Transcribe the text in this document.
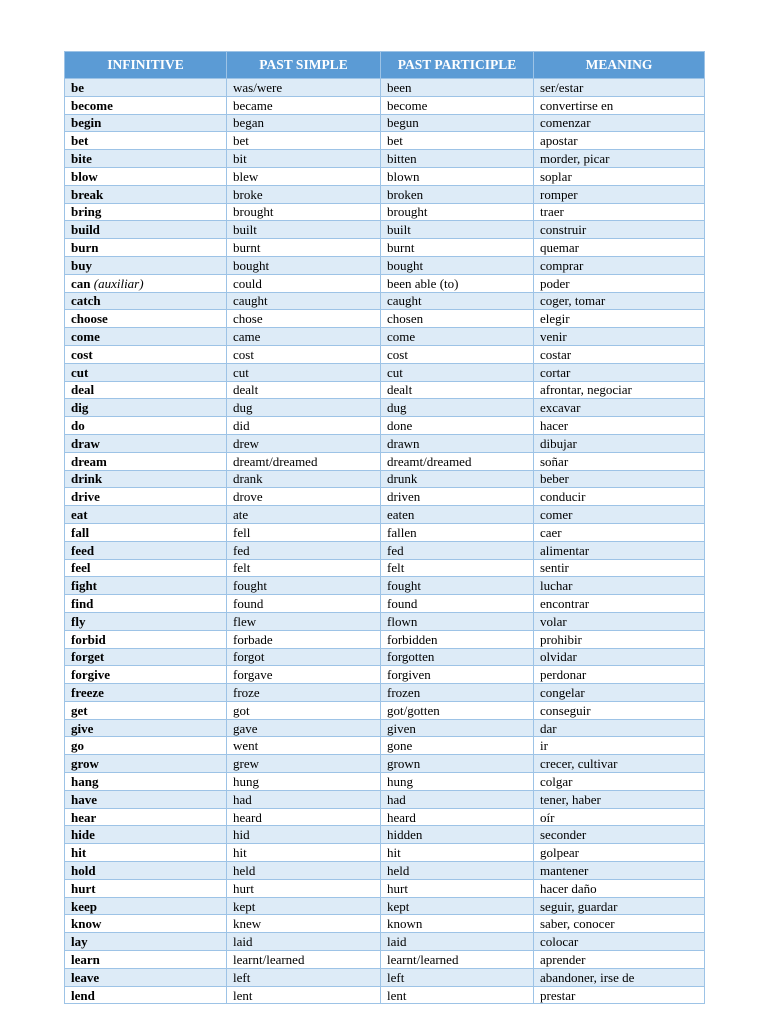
INFINITIVE	PAST SIMPLE	PAST PARTICIPLE	MEANING
be	was/were	been	ser/estar
become	became	become	convertirse en
begin	began	begun	comenzar
bet	bet	bet	apostar
bite	bit	bitten	morder, picar
blow	blew	blown	soplar
break	broke	broken	romper
bring	brought	brought	traer
build	built	built	construir
burn	burnt	burnt	quemar
buy	bought	bought	comprar
can (auxiliar)	could	been able (to)	poder
catch	caught	caught	coger, tomar
choose	chose	chosen	elegir
come	came	come	venir
cost	cost	cost	costar
cut	cut	cut	cortar
deal	dealt	dealt	afrontar, negociar
dig	dug	dug	excavar
do	did	done	hacer
draw	drew	drawn	dibujar
dream	dreamt/dreamed	dreamt/dreamed	soñar
drink	drank	drunk	beber
drive	drove	driven	conducir
eat	ate	eaten	comer
fall	fell	fallen	caer
feed	fed	fed	alimentar
feel	felt	felt	sentir
fight	fought	fought	luchar
find	found	found	encontrar
fly	flew	flown	volar
forbid	forbade	forbidden	prohibir
forget	forgot	forgotten	olvidar
forgive	forgave	forgiven	perdonar
freeze	froze	frozen	congelar
get	got	got/gotten	conseguir
give	gave	given	dar
go	went	gone	ir
grow	grew	grown	crecer, cultivar
hang	hung	hung	colgar
have	had	had	tener, haber
hear	heard	heard	oír
hide	hid	hidden	seconder
hit	hit	hit	golpear
hold	held	held	mantener
hurt	hurt	hurt	hacer daño
keep	kept	kept	seguir, guardar
know	knew	known	saber, conocer
lay	laid	laid	colocar
learn	learnt/learned	learnt/learned	aprender
leave	left	left	abandoner, irse de
lend	lent	lent	prestar
